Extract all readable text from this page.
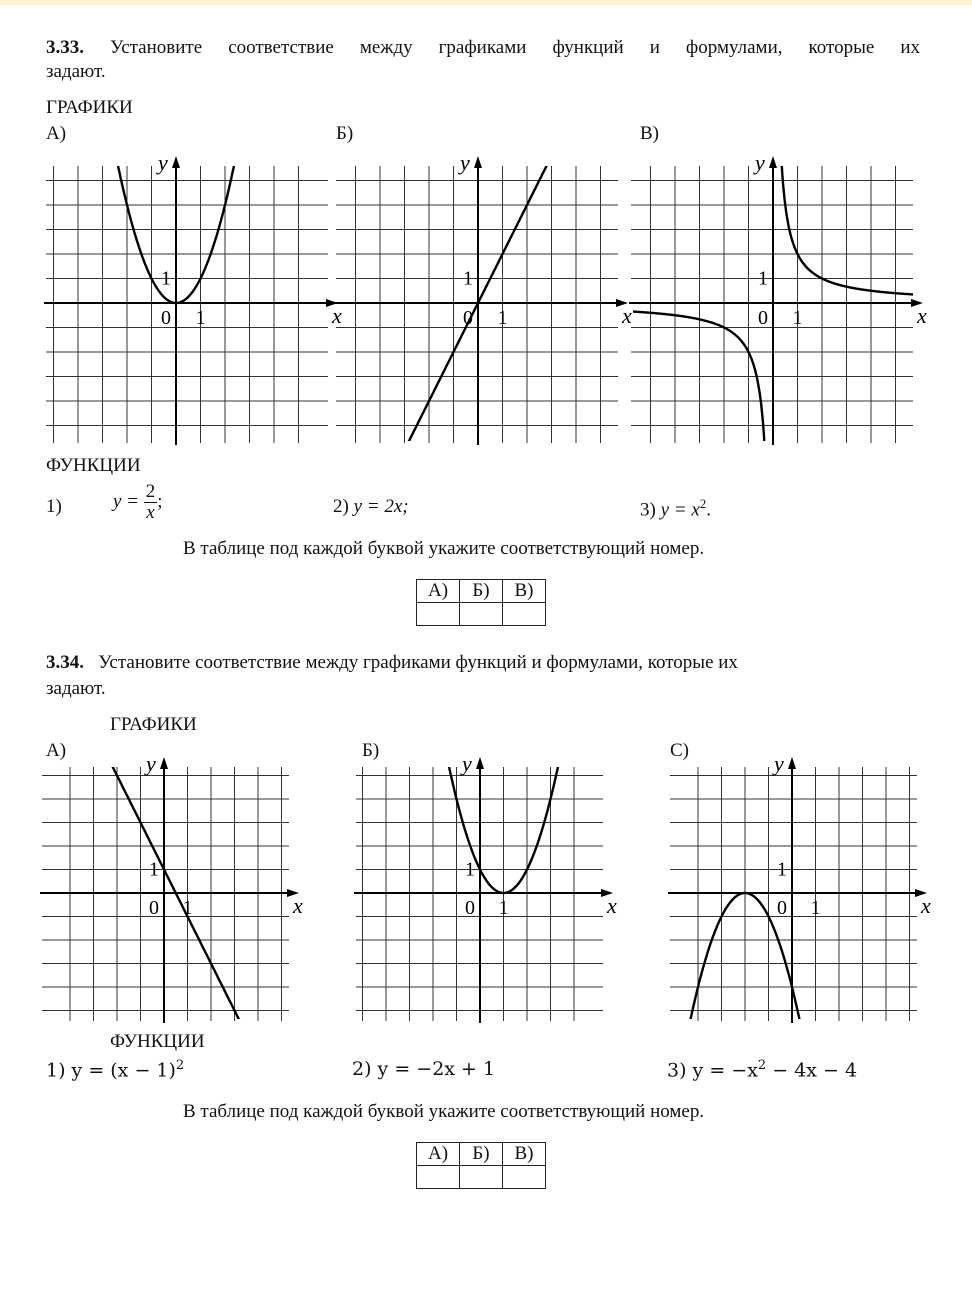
3.33. Установите соответствие между графиками функций и формулами, которые их
задают.
ГРАФИКИ
А)	Б)	В)
x
y
0 1
1
x
y
0 1
1
x
y
0 1
1
ФУНКЦИИ
1)	$y = \frac{2}{x}$ ;	2) y = 2x;	3) $y = x^2$.
В таблице под каждой буквой укажите соответствующий номер.
А)	Б)	В)

3.34. Установите соответствие между графиками функций и формулами, которые их
задают.
ГРАФИКИ
А)	Б)	С)
x
y
0 1
1
x
y
0 1
1
x
y
0 1
1
ФУНКЦИИ
1) $y = (x - 1)^2$	2) y = −2x + 1	3) $y = -x^2 - 4x - 4$
В таблице под каждой буквой укажите соответствующий номер.
А)	Б)	В)
